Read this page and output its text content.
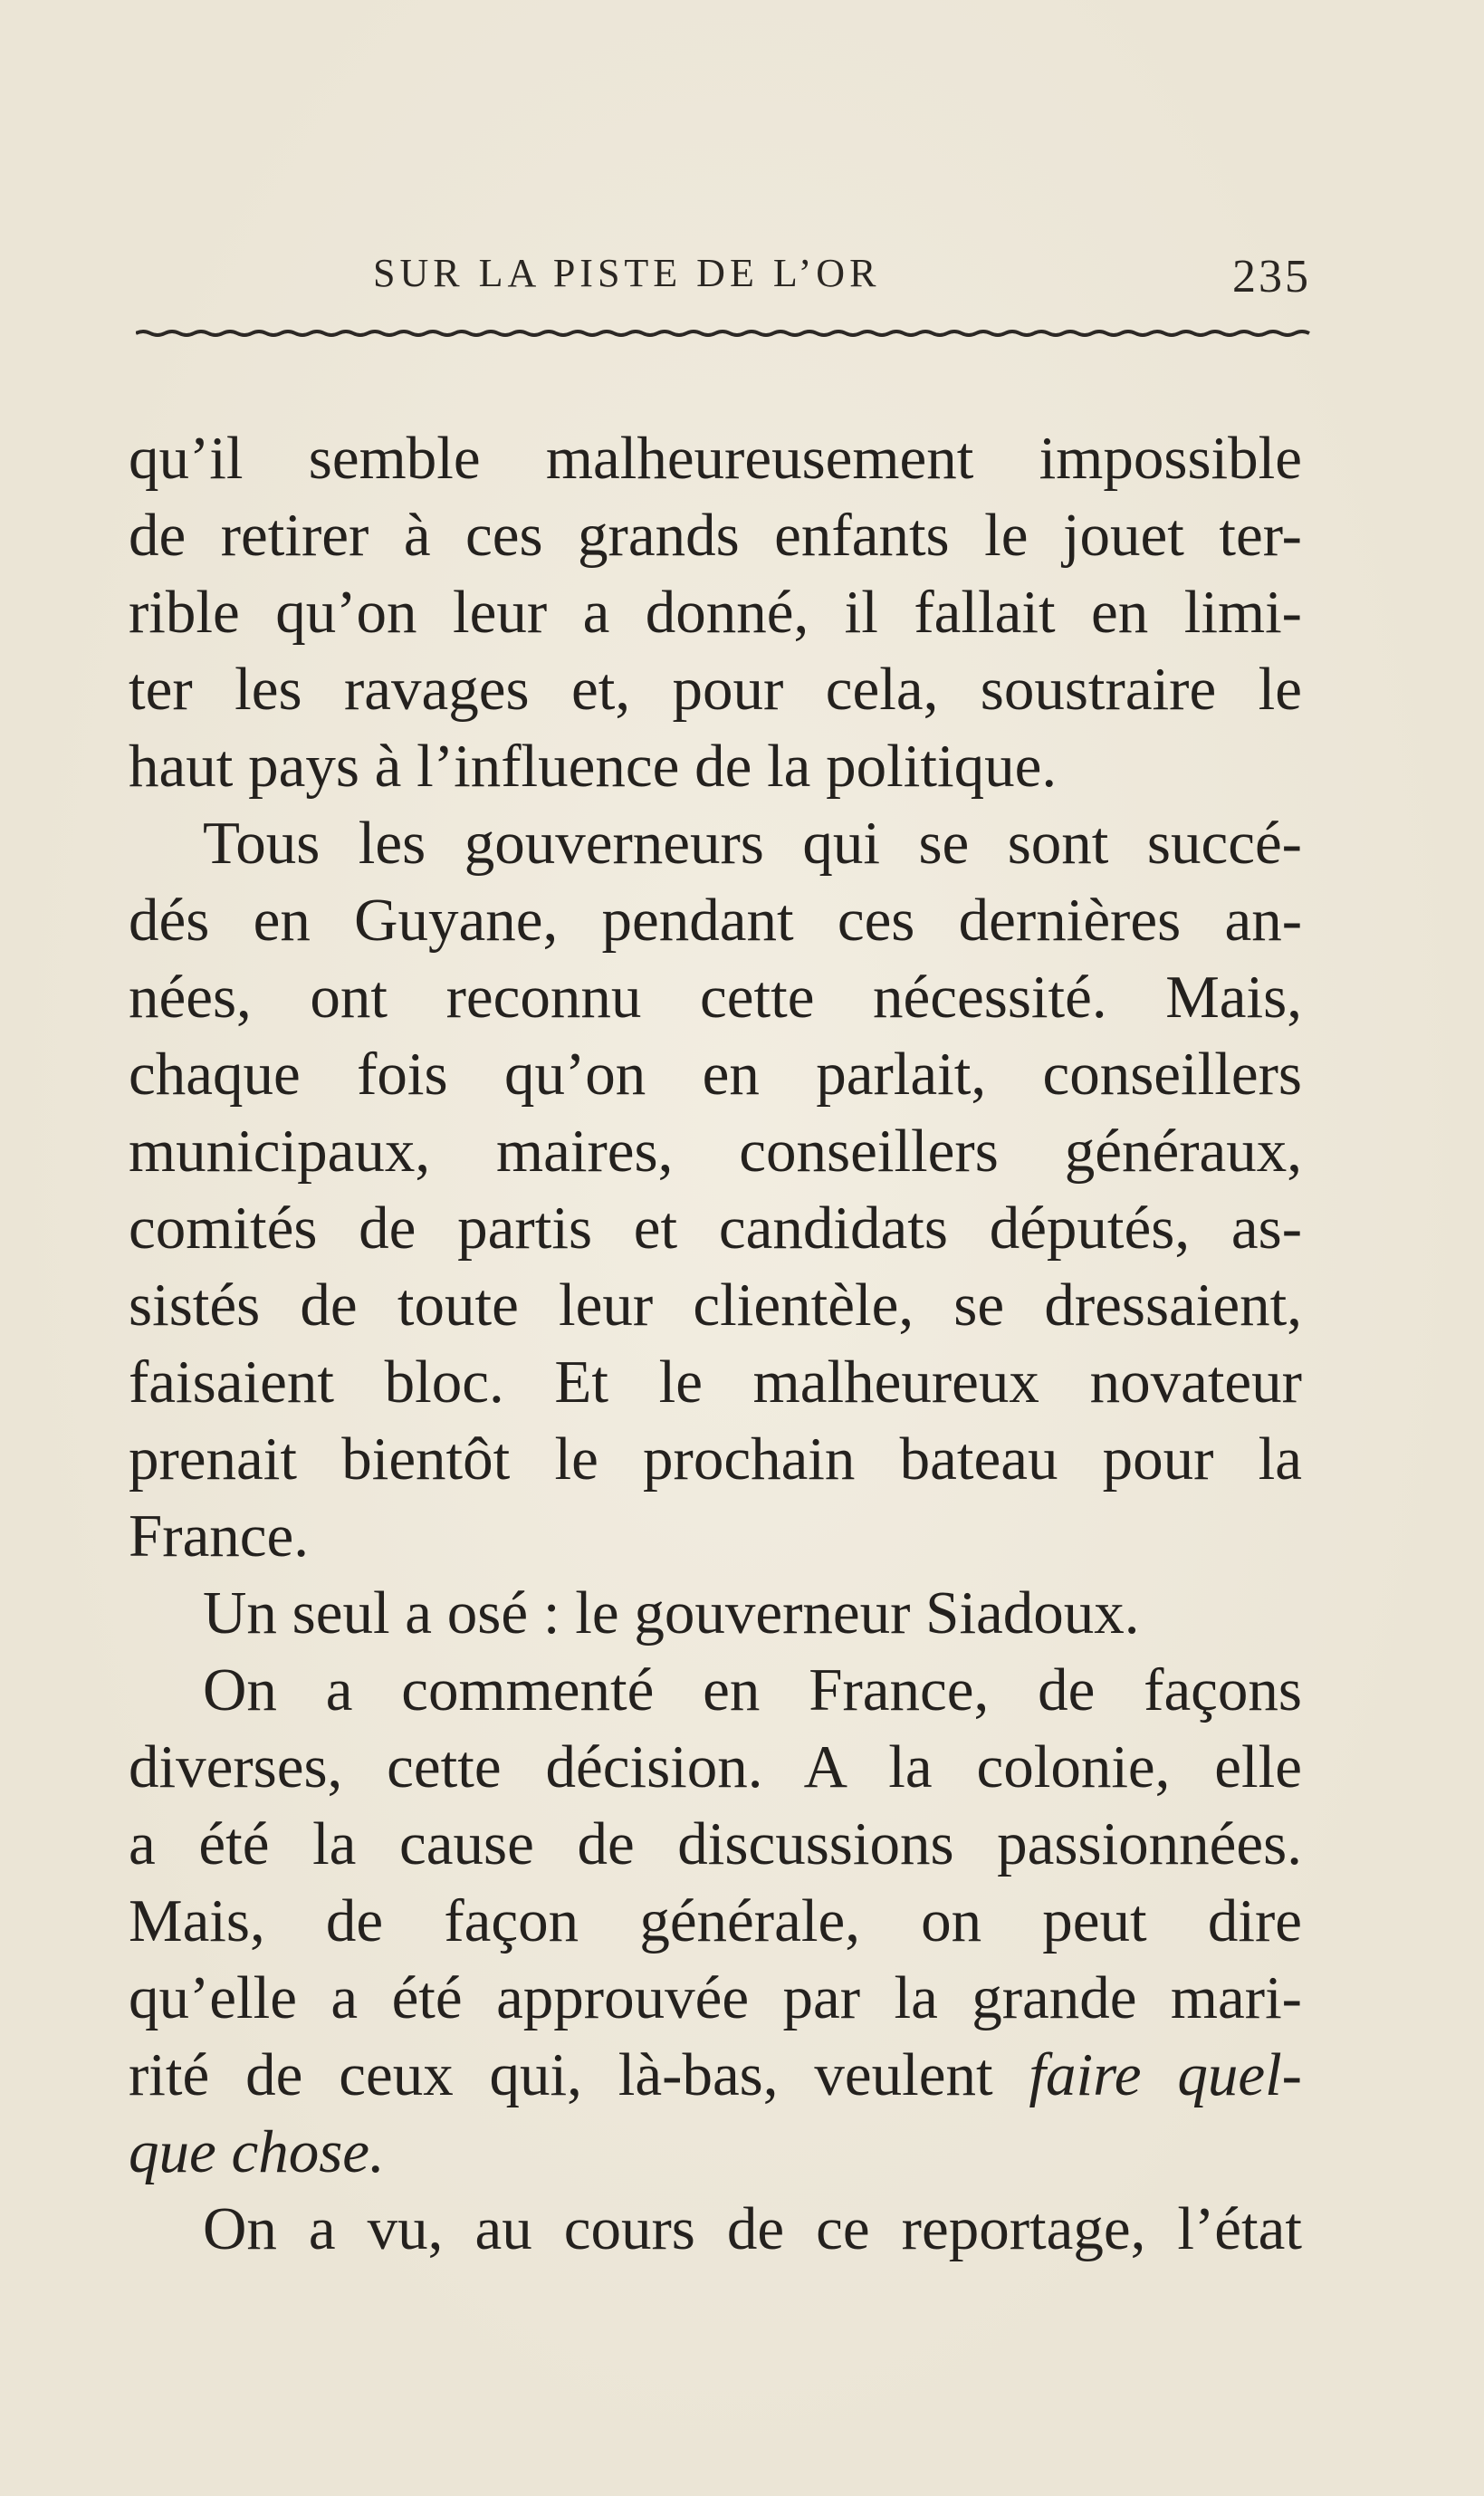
SUR LA PISTE DE L’OR	235
qu’il semble malheureusement impossible
de retirer à ces grands enfants le jouet ter-
rible qu’on leur a donné, il fallait en limi-
ter les ravages et, pour cela, soustraire le
haut pays à l’influence de la politique.
Tous les gouverneurs qui se sont succé-
dés en Guyane, pendant ces dernières an-
nées, ont reconnu cette nécessité. Mais,
chaque fois qu’on en parlait, conseillers
municipaux, maires, conseillers généraux,
comités de partis et candidats députés, as-
sistés de toute leur clientèle, se dressaient,
faisaient bloc. Et le malheureux novateur
prenait bientôt le prochain bateau pour la
France.
Un seul a osé : le gouverneur Siadoux.
On a commenté en France, de façons
diverses, cette décision. A la colonie, elle
a été la cause de discussions passionnées.
Mais, de façon générale, on peut dire
qu’elle a été approuvée par la grande mari-
rité de ceux qui, là-bas, veulent faire quel-
que chose.
On a vu, au cours de ce reportage, l’état
